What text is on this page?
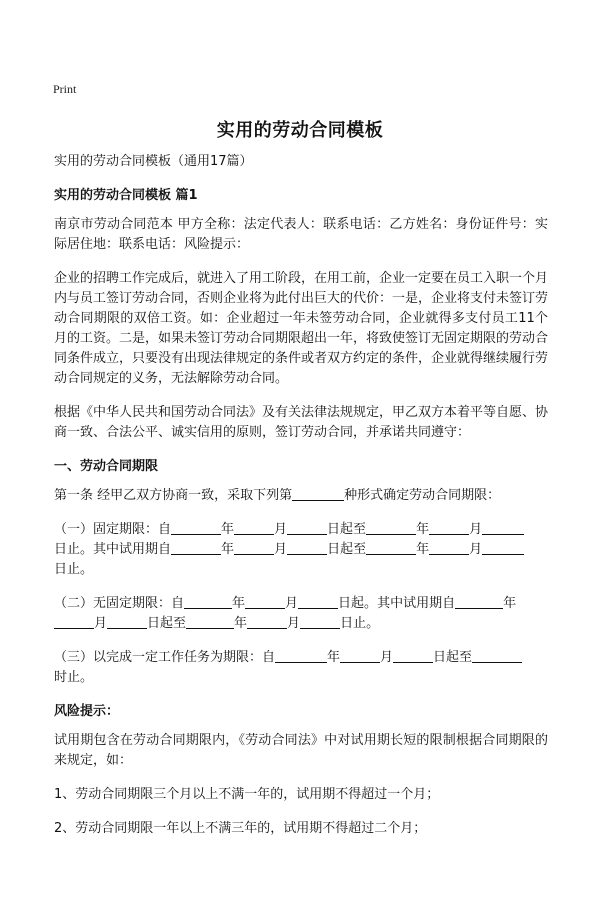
Print
实用的劳动合同模板

实用的劳动合同模板（通用17篇）

实用的劳动合同模板 篇1

南京市劳动合同范本 甲方全称：法定代表人：联系电话：乙方姓名：身份证件号：实际居住地：联系电话：风险提示：

企业的招聘工作完成后，就进入了用工阶段，在用工前，企业一定要在员工入职一个月内与员工签订劳动合同，否则企业将为此付出巨大的代价：一是，企业将支付未签订劳动合同期限的双倍工资。如：企业超过一年未签劳动合同，企业就得多支付员工11个月的工资。二是，如果未签订劳动合同期限超出一年，将致使签订无固定期限的劳动合同条件成立，只要没有出现法律规定的条件或者双方约定的条件，企业就得继续履行劳动合同规定的义务，无法解除劳动合同。

根据《中华人民共和国劳动合同法》及有关法律法规规定，甲乙双方本着平等自愿、协商一致、合法公平、诚实信用的原则，签订劳动合同，并承诺共同遵守：

一、劳动合同期限

第一条 经甲乙双方协商一致，采取下列第	种形式确定劳动合同期限：

（一）固定期限：自	年	月	日起至	年	月
日止。其中试用期自	年	月	日起至	年	月
日止。

（二）无固定期限：自	年	月	日起。其中试用期自	年
月	日起至	年	月	日止。

（三）以完成一定工作任务为期限：自	年	月	日起至
时止。

风险提示：

试用期包含在劳动合同期限内，《劳动合同法》中对试用期长短的限制根据合同期限的来规定，如：

1、劳动合同期限三个月以上不满一年的，试用期不得超过一个月；

2、劳动合同期限一年以上不满三年的，试用期不得超过二个月；
